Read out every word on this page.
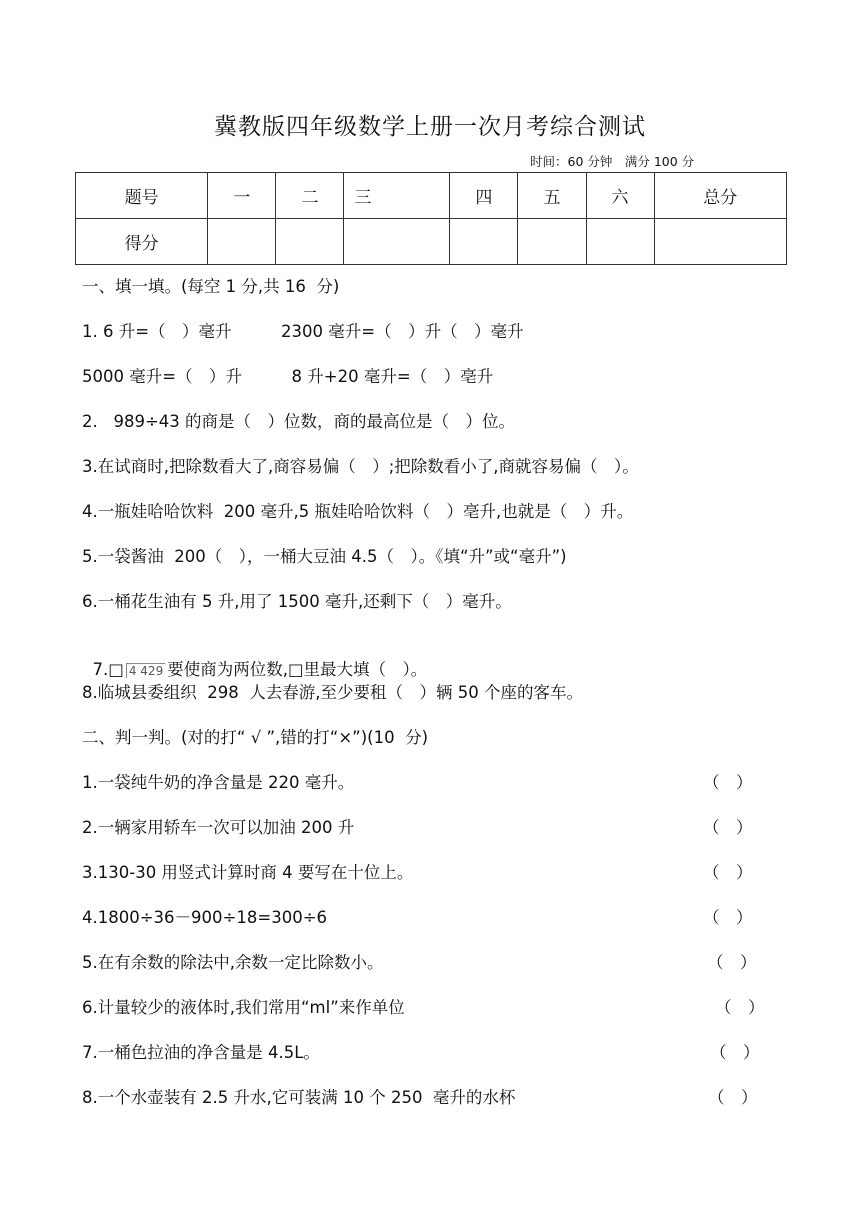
冀教版四年级数学上册一次月考综合测试
时间：60 分钟　满分 100 分
题号	一	二	三	四	五	六	总分
得分							
一、填一填。(每空 1 分,共 16  分)
1. 6 升=（　）毫升　　　2300 毫升=（　）升（　）毫升
5000 毫升=（　）升　　　8 升+20 毫升=（　）亳升
2.   989÷43 的商是（　）位数，商的最高位是（　）位。
3.在试商时,把除数看大了,商容易偏（　）;把除数看小了,商就容易偏（　）。
4.一瓶娃哈哈饮料  200 毫升,5 瓶娃哈哈饮料（　）亳升,也就是（　）升。
5.一袋酱油  200（　），一桶大豆油 4.5（　）。《填“升”或“毫升”)
6.一桶花生油有 5 升,用了 1500 毫升,还剩下（　）毫升。

7.□ 4 429 要使商为两位数,□里最大填（　）。

8.临城县委组织  298  人去春游,至少要租（　）辆 50 个座的客车。
二、判一判。(对的打“ √ ”,错的打“×”)(10  分)
1.一袋纯牛奶的净含量是 220 毫升。	（　）
2.一辆家用轿车一次可以加油 200 升	（　）
3.130-30 用竖式计算时商 4 要写在十位上。	（　）
4.1800÷36－900÷18=300÷6	（　）
5.在有余数的除法中,余数一定比除数小。	（　）
6.计量较少的液体时,我们常用“ml”来作单位	（　）
7.一桶色拉油的净含量是 4.5L。	（　）
8.一个水壶装有 2.5 升水,它可装满 10 个 250  毫升的水杯	（　）
